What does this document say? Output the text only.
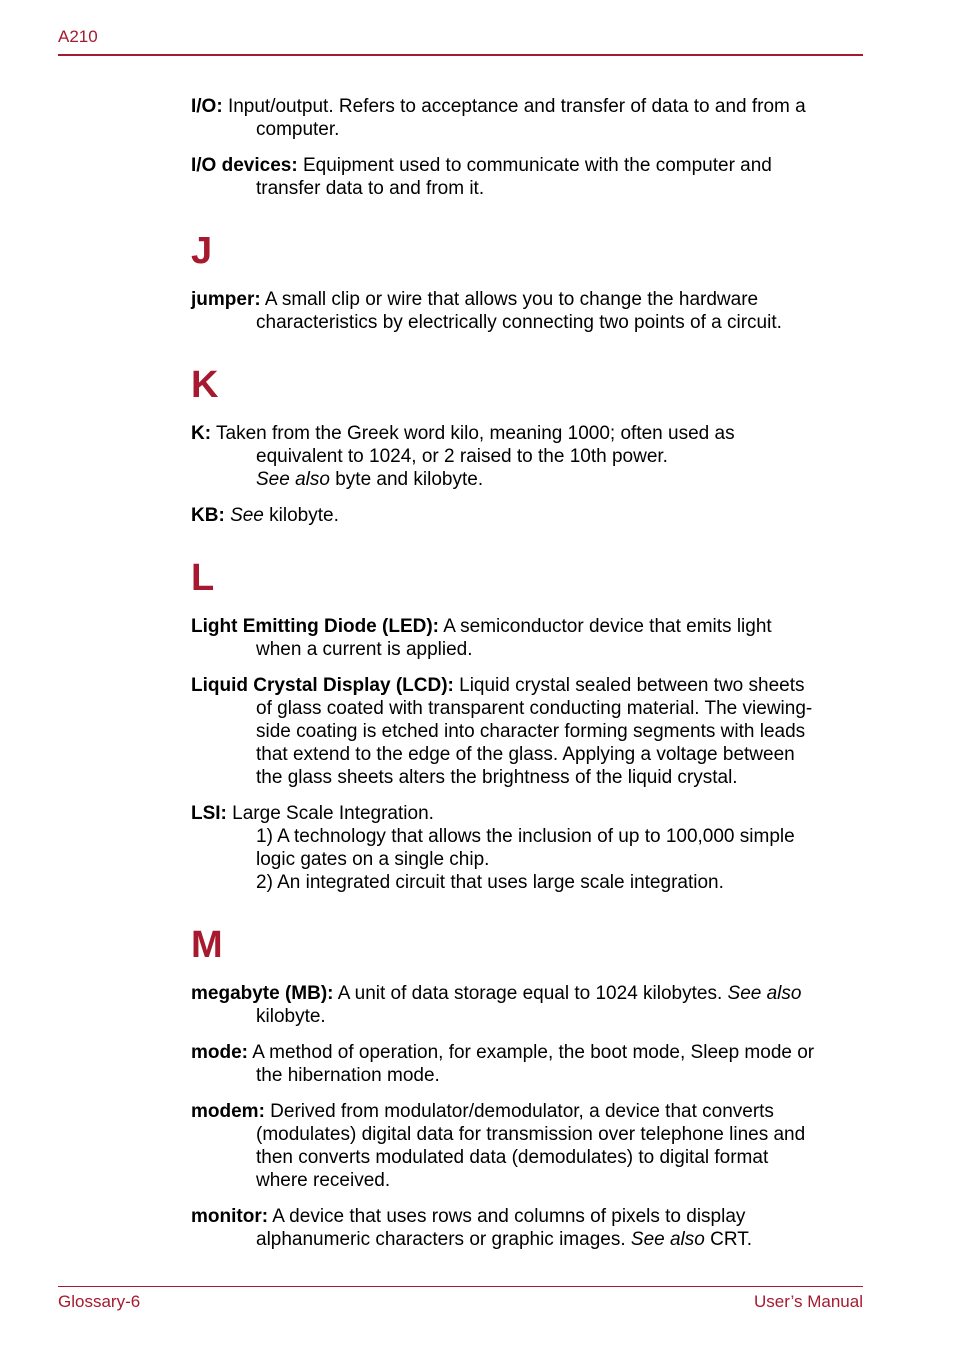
A210

I/O: Input/output. Refers to acceptance and transfer of data to and from a

computer.

I/O devices: Equipment used to communicate with the computer and

transfer data to and from it.

J

jumper: A small clip or wire that allows you to change the hardware

characteristics by electrically connecting two points of a circuit.

K

K: Taken from the Greek word kilo, meaning 1000; often used as

equivalent to 1024, or 2 raised to the 10th power.

See also byte and kilobyte.

KB: See kilobyte.

L

Light Emitting Diode (LED): A semiconductor device that emits light

when a current is applied.

Liquid Crystal Display (LCD): Liquid crystal sealed between two sheets

of glass coated with transparent conducting material. The viewing-

side coating is etched into character forming segments with leads

that extend to the edge of the glass. Applying a voltage between

the glass sheets alters the brightness of the liquid crystal.

LSI: Large Scale Integration.

1) A technology that allows the inclusion of up to 100,000 simple

logic gates on a single chip.

2) An integrated circuit that uses large scale integration.

M

megabyte (MB): A unit of data storage equal to 1024 kilobytes. See also

kilobyte.

mode: A method of operation, for example, the boot mode, Sleep mode or

the hibernation mode.

modem: Derived from modulator/demodulator, a device that converts

(modulates) digital data for transmission over telephone lines and

then converts modulated data (demodulates) to digital format

where received.

monitor: A device that uses rows and columns of pixels to display

alphanumeric characters or graphic images. See also CRT.

Glossary-6	User’s Manual
